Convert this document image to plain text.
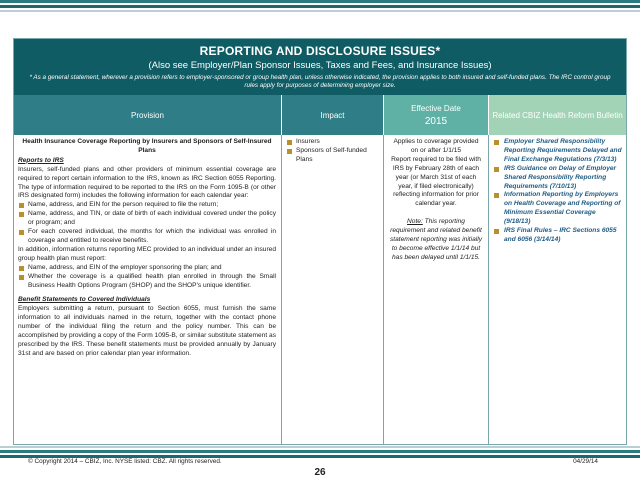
REPORTING AND DISCLOSURE ISSUES*
(Also see Employer/Plan Sponsor Issues, Taxes and Fees, and Insurance Issues)
* As a general statement, wherever a provision refers to employer-sponsored or group health plan, unless otherwise indicated, the provision applies to both insured and self-funded plans. The IRC control group rules apply for purposes of determining employer size.
Provision	Impact
Effective Date
2015
Related CBIZ Health Reform Bulletin
Health Insurance Coverage Reporting by Insurers and Sponsors of Self-Insured Plans
Reports to IRS
Insurers, self-funded plans and other providers of minimum essential coverage are required to report certain information to the IRS, known as IRC Section 6055 Reporting. The type of information required to be reported to the IRS on the Form 1095-B (or other IRS designated form) includes the following information for each calendar year:
Name, address, and EIN for the person required to file the return;
Name, address, and TIN, or date of birth of each individual covered under the policy or program; and
For each covered individual, the months for which the individual was enrolled in coverage and entitled to receive benefits.
In addition, information returns reporting MEC provided to an individual under an insured group health plan must report:
Name, address, and EIN of the employer sponsoring the plan; and
Whether the coverage is a qualified health plan enrolled in through the Small Business Health Options Program (SHOP) and the SHOP's unique identifier.
Benefit Statements to Covered Individuals
Employers submitting a return, pursuant to Section 6055, must furnish the same information to all individuals named in the return, together with the contact phone number of the individual filing the return and the policy number. This can be accomplished by providing a copy of the Form 1095-B, or similar substitute statement as prescribed by the IRS. These benefit statements must be provided annually by January 31st and are based on prior calendar plan year information.
Insurers
Sponsors of Self-funded Plans
Applies to coverage provided on or after 1/1/15
Report required to be filed with IRS by February 28th of each year (or March 31st of each year, if filed electronically) reflecting information for prior calendar year.
Note: This reporting requirement and related benefit statement reporting was initially to become effective 1/1/14 but has been delayed until 1/1/15.
Employer Shared Responsibility Reporting Requirements Delayed and Final Exchange Regulations (7/3/13)
IRS Guidance on Delay of Employer Shared Responsibility Reporting Requirements (7/10/13)
Information Reporting by Employers on Health Coverage and Reporting of Minimum Essential Coverage (9/18/13)
IRS Final Rules – IRC Sections 6055 and 6056 (3/14/14)
© Copyright 2014 – CBIZ, Inc. NYSE listed: CBZ. All rights reserved.	04/29/14
26
